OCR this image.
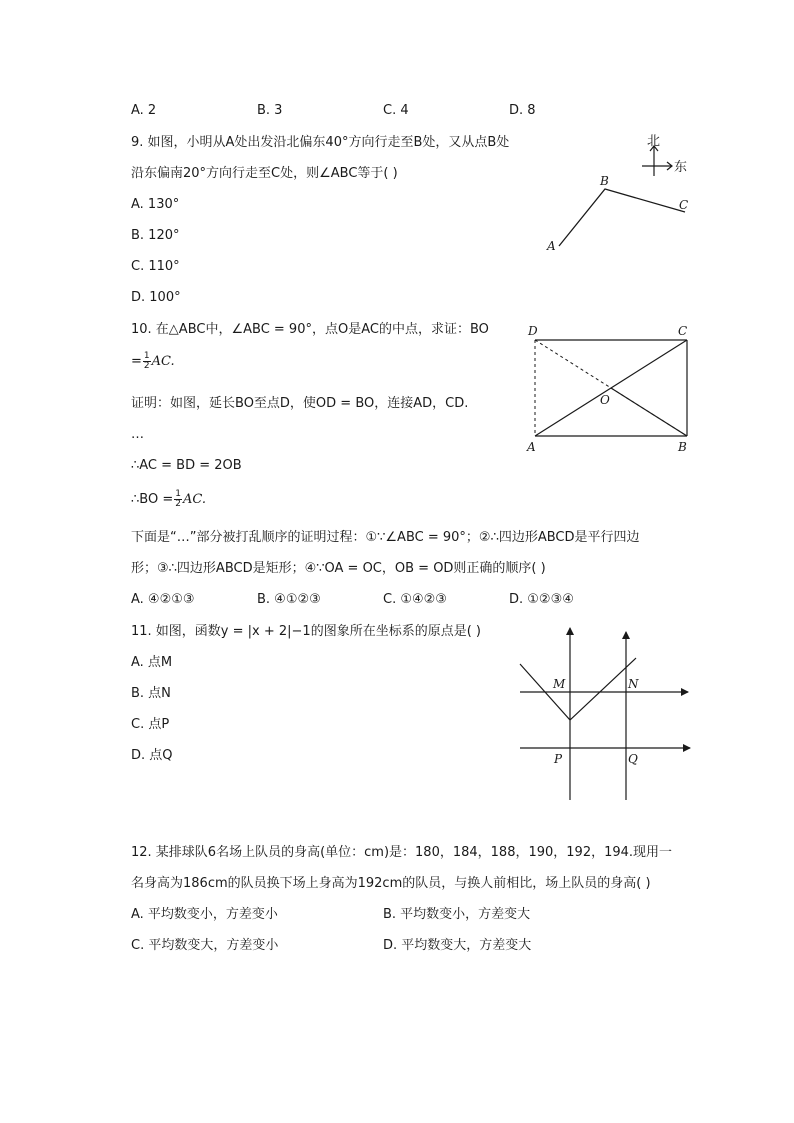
A. 2	B. 3	C. 4	D. 8
9. 如图，小明从A处出发沿北偏东40°方向行走至B处，又从点B处
沿东偏南20°方向行走至C处，则∠ABC等于( )
A. 130°
B. 120°
C. 110°
D. 100°
北
东
A
B
C
10. 在△ABC中，∠ABC = 90°，点O是AC的中点，求证：BO
= $\frac{1}{2}$ AC.
证明：如图，延长BO至点D，使OD = BO，连接AD，CD.
…
∴AC = BD = 2OB
∴BO = $\frac{1}{2}$ AC.
下面是“…”部分被打乱顺序的证明过程：①∵∠ABC = 90°；②∴四边形ABCD是平行四边
形；③∴四边形ABCD是矩形；④∵OA = OC，OB = OD则正确的顺序( )
A. ④②①③	B. ④①②③	C. ①④②③	D. ①②③④
D	C
O
A	B
11. 如图，函数y = |x + 2|−1的图象所在坐标系的原点是( )
A. 点M
B. 点N
C. 点P
D. 点Q
M	N
P	Q
12. 某排球队6名场上队员的身高(单位：cm)是：180，184，188，190，192，194.现用一
名身高为186cm的队员换下场上身高为192cm的队员，与换人前相比，场上队员的身高( )
A. 平均数变小，方差变小	B. 平均数变小，方差变大
C. 平均数变大，方差变小	D. 平均数变大，方差变大
